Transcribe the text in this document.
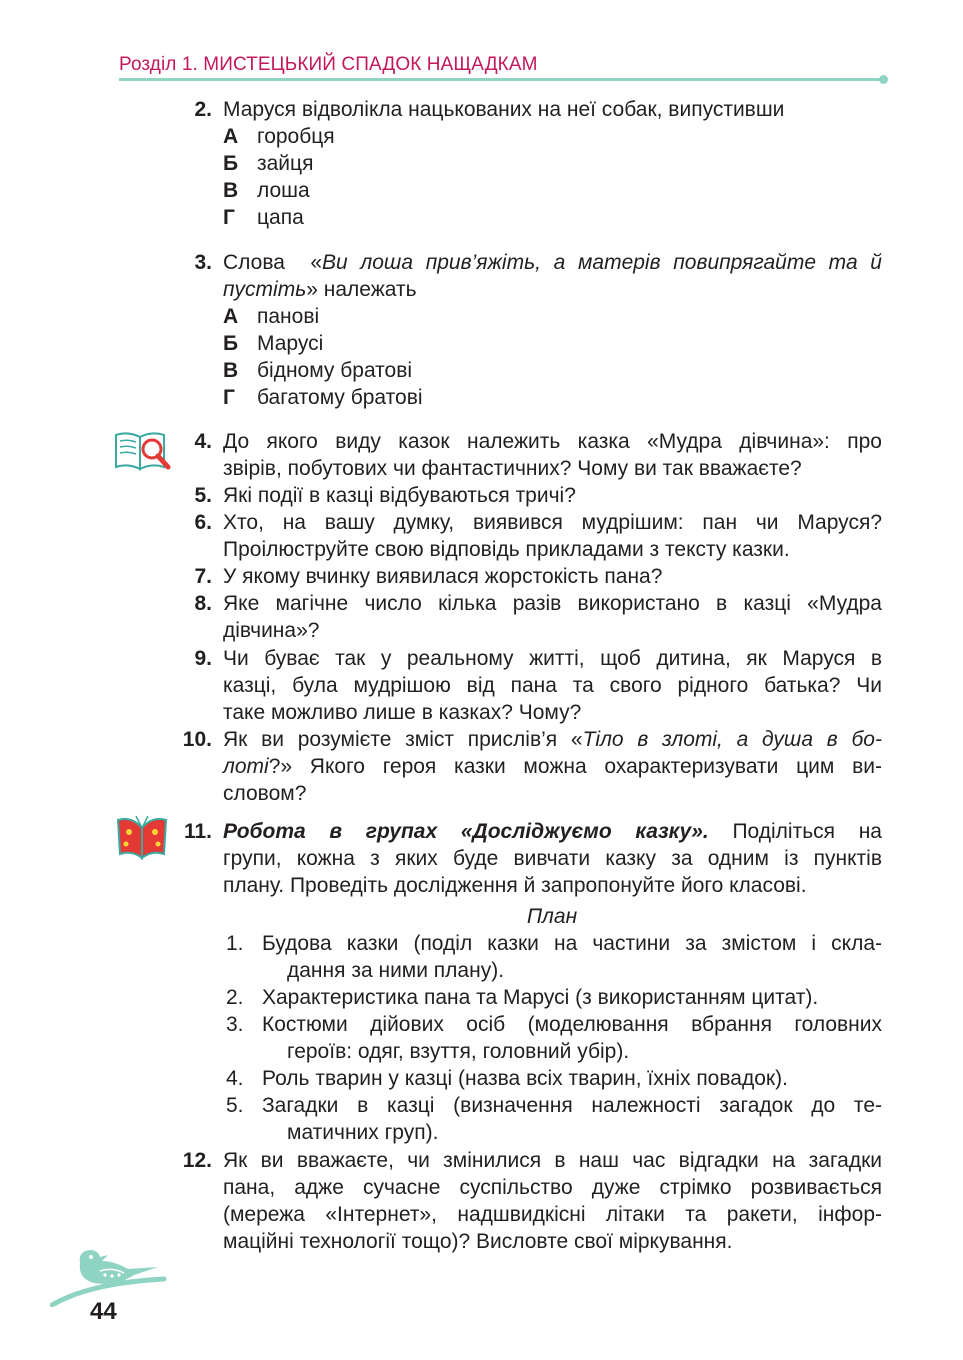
Розділ 1. МИСТЕЦЬКИЙ СПАДОК НАЩАДКАМ
2. Маруся відволікла нацькованих на неї собак, випустивши
А горобця
Б зайця
В лоша
Г цапа
3. Слова  «Ви лоша прив’яжіть, а матерів повипрягайте та й
пустіть» належать
А панові
Б Марусі
В бідному братові
Г багатому братові
4. До якого виду казок належить казка «Мудра дівчина»: про
звірів, побутових чи фантастичних? Чому ви так вважаєте?
5. Які події в казці відбуваються тричі?
6. Хто, на вашу думку, виявився мудрішим: пан чи Маруся?
Проілюструйте свою відповідь прикладами з тексту казки.
7. У якому вчинку виявилася жорстокість пана?
8. Яке магічне число кілька разів використано в казці «Мудра
дівчина»?
9. Чи буває так у реальному житті, щоб дитина, як Маруся в
казці, була мудрішою від пана та свого рідного батька? Чи
таке можливо лише в казках? Чому?
10. Як ви розумієте зміст прислів’я «Тіло в злоті, а душа в бо-
лоті?» Якого героя казки можна охарактеризувати цим ви-
словом?
11. Робота в групах «Досліджуємо казку». Поділіться на
групи, кожна з яких буде вивчати казку за одним із пунктів
плану. Проведіть дослідження й запропонуйте його класові.
План
1. Будова казки (поділ казки на частини за змістом і скла-
дання за ними плану).
2. Характеристика пана та Марусі (з використанням цитат).
3. Костюми дійових осіб (моделювання вбрання головних
героїв: одяг, взуття, головний убір).
4. Роль тварин у казці (назва всіх тварин, їхніх повадок).
5. Загадки в казці (визначення належності загадок до те-
матичних груп).
12. Як ви вважаєте, чи змінилися в наш час відгадки на загадки
пана, адже сучасне суспільство дуже стрімко розвивається
(мережа «Інтернет», надшвидкісні літаки та ракети, інфор-
маційні технології тощо)? Висловте свої міркування.
44
